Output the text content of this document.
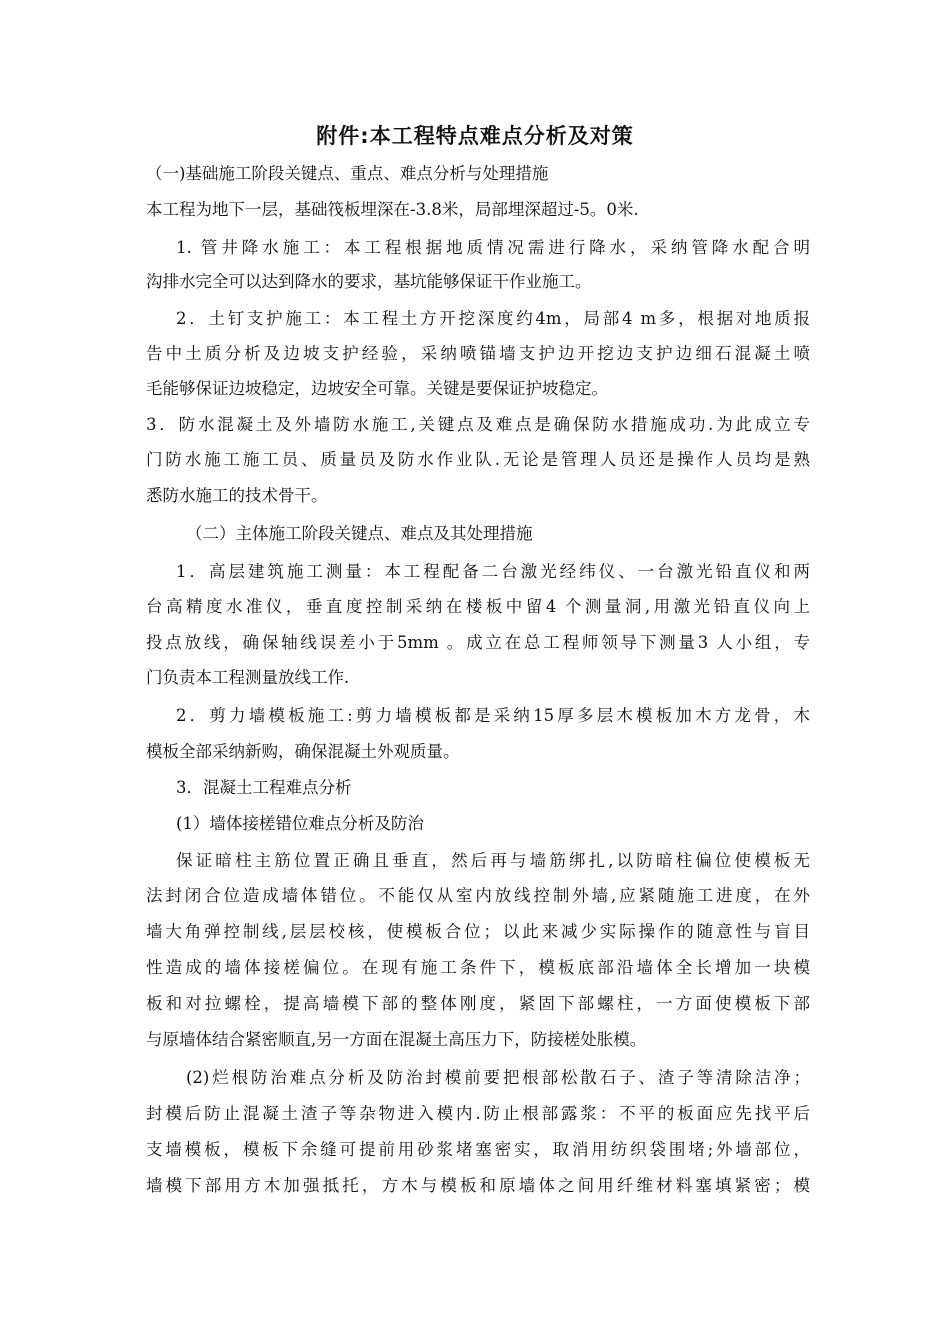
附件:本工程特点难点分析及对策
（一)基础施工阶段关键点、重点、难点分析与处理措施
本工程为地下一层，基础筏板埋深在-3.8米，局部埋深超过-5。0米.
1. 管井降水施工：本工程根据地质情况需进行降水，采纳管降水配合明
沟排水完全可以达到降水的要求，基坑能够保证干作业施工。
2．土钉支护施工：本工程土方开挖深度约4m，局部4 m多，根据对地质报
告中土质分析及边坡支护经验，采纳喷锚墙支护边开挖边支护边细石混凝土喷
毛能够保证边坡稳定，边坡安全可靠。关键是要保证护坡稳定。
3．防水混凝土及外墙防水施工,关键点及难点是确保防水措施成功.为此成立专
门防水施工施工员、质量员及防水作业队.无论是管理人员还是操作人员均是熟
悉防水施工的技术骨干。
（二）主体施工阶段关键点、难点及其处理措施
1．高层建筑施工测量：本工程配备二台激光经纬仪、一台激光铅直仪和两
台高精度水准仪，垂直度控制采纳在楼板中留4 个测量洞,用激光铅直仪向上
投点放线，确保轴线误差小于5mm 。成立在总工程师领导下测量3 人小组，专
门负责本工程测量放线工作.
2．剪力墙模板施工:剪力墙模板都是采纳15厚多层木模板加木方龙骨，木
模板全部采纳新购，确保混凝土外观质量。
3．混凝土工程难点分析
(1）墙体接槎错位难点分析及防治
保证暗柱主筋位置正确且垂直，然后再与墙筋绑扎,以防暗柱偏位使模板无
法封闭合位造成墙体错位。不能仅从室内放线控制外墙,应紧随施工进度，在外
墙大角弹控制线,层层校核，使模板合位；以此来减少实际操作的随意性与盲目
性造成的墙体接槎偏位。在现有施工条件下，模板底部沿墙体全长增加一块模
板和对拉螺栓，提高墙模下部的整体刚度，紧固下部螺柱，一方面使模板下部
与原墙体结合紧密顺直,另一方面在混凝土高压力下，防接槎处胀模。
(2)烂根防治难点分析及防治封模前要把根部松散石子、渣子等清除洁净；
封模后防止混凝土渣子等杂物进入模内.防止根部露浆：不平的板面应先找平后
支墙模板，模板下余缝可提前用砂浆堵塞密实，取消用纺织袋围堵;外墙部位，
墙模下部用方木加强抵托，方木与模板和原墙体之间用纤维材料塞填紧密；模
